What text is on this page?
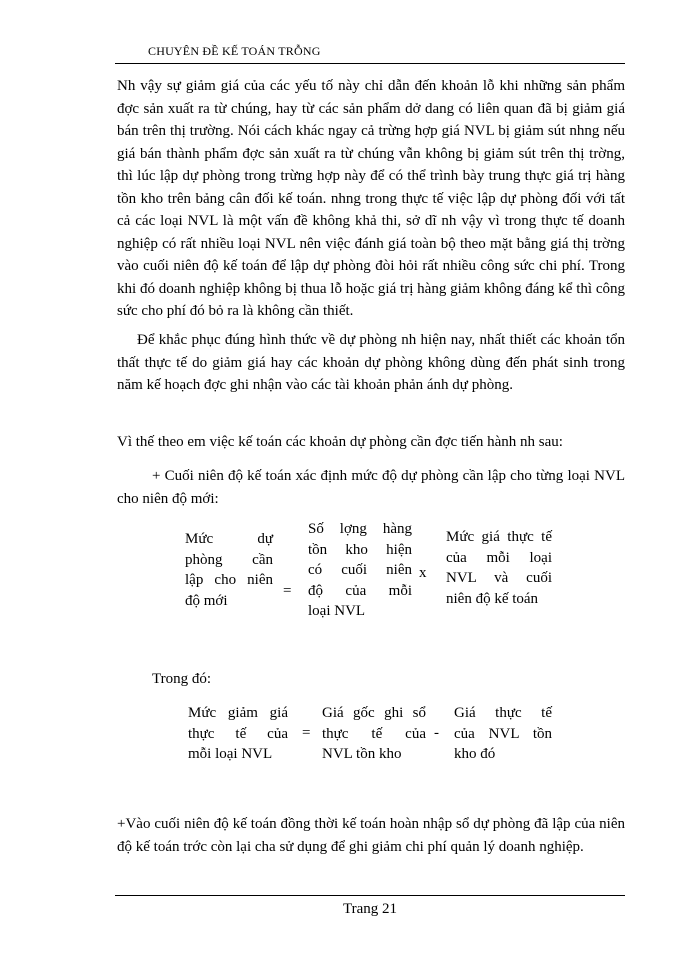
CHUYÊN ĐỀ KẾ TOÁN TRỖNG

Nh vậy sự giảm giá của các yếu tố này chỉ dẫn đến khoản lỗ khi những sản phẩm đợc sản xuất ra từ chúng, hay từ các sản phẩm dở dang có liên quan đã bị giảm giá bán trên thị trường. Nói cách khác ngay cả trừng hợp giá NVL bị giảm sút nhng nếu giá bán thành phẩm đợc sản xuất ra từ chúng vẫn không bị giảm sút trên thị trờng, thì lúc lập dự phòng trong trừng hợp này để có thể trình bày trung thực giá trị hàng tồn kho trên bảng cân đối kế toán. nhng trong thực tế việc lập dự phòng đối với tất cả các loại NVL là một vấn đề không khả thi, sở dĩ nh vậy vì trong thực tế doanh nghiệp có rất nhiều loại NVL nên việc đánh giá toàn bộ theo mặt bằng giá thị trờng vào cuối niên độ kế toán để lập dự phòng đòi hỏi rất nhiều công sức chi phí. Trong khi đó doanh nghiệp không bị thua lỗ hoặc giá trị hàng giảm không đáng kể thì công sức cho phí đó bỏ ra là không cần thiết.

Để khắc phục đúng hình thức về dự phòng nh hiện nay, nhất thiết các khoản tổn thất thực tế do giảm giá hay các khoản dự phòng không dùng đến phát sinh trong năm kế hoạch đợc ghi nhận vào các tài khoản phản ánh dự phòng.

Vì thế theo em việc kế toán các khoản dự phòng cần đợc tiến hành nh sau:

+ Cuối niên độ kế toán xác định mức độ dự phòng cần lập cho từng loại NVL cho niên độ mới:

Mức dự
phòng cần
lập cho niên
độ mới
=
Số lợng hàng
tồn kho hiện
có cuối niên
độ của mỗi
loại NVL
x
Mức giá thực tế
của mỗi loại
NVL và cuối
niên độ kế toán
Trong đó:
Mức giảm giá
thực tế của
mỗi loại NVL
=
Giá gốc ghi sổ
thực tế của
NVL tồn kho
-
Giá thực tế
của NVL tồn
kho đó

+Vào cuối niên độ kế toán đồng thời kế toán hoàn nhập sổ dự phòng đã lập của niên độ kế toán trớc còn lại cha sử dụng để ghi giảm chi phí quản lý doanh nghiệp.

Trang 21
